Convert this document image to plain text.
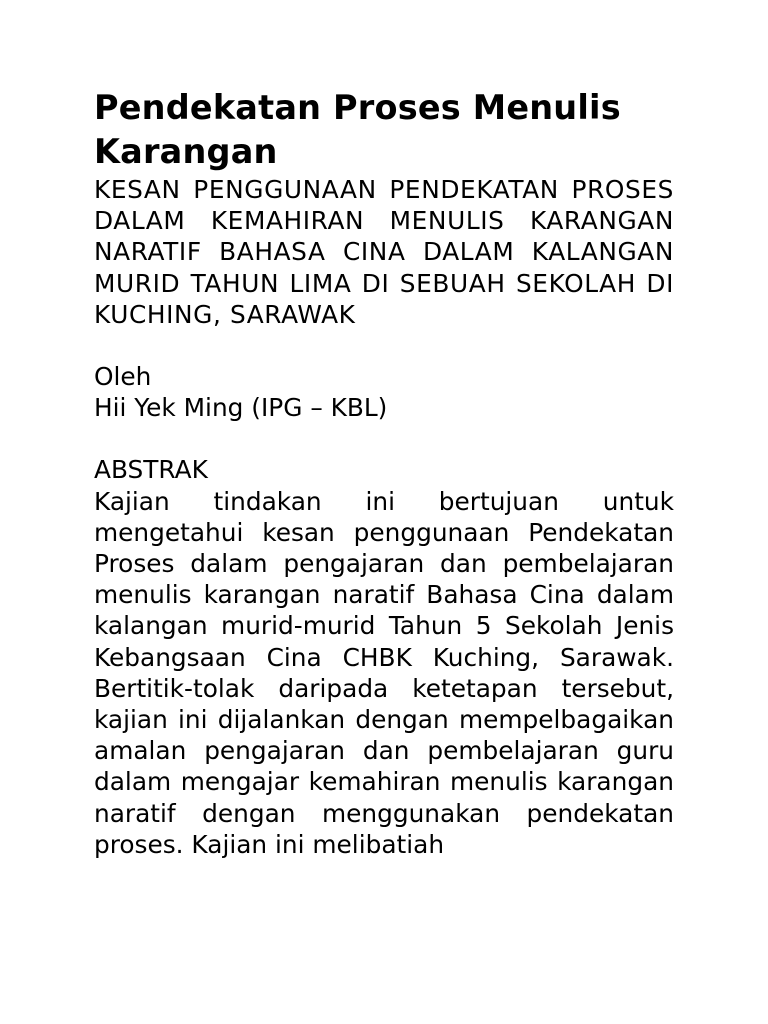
Pendekatan Proses Menulis Karangan

KESAN PENGGUNAAN PENDEKATAN PROSES DALAM KEMAHIRAN MENULIS KARANGAN NARATIF BAHASA CINA DALAM KALANGAN MURID TAHUN LIMA DI SEBUAH SEKOLAH DI KUCHING, SARAWAK

Oleh
Hii Yek Ming (IPG – KBL)

ABSTRAK

Kajian tindakan ini bertujuan untuk mengetahui kesan penggunaan Pendekatan Proses dalam pengajaran dan pembelajaran menulis karangan naratif Bahasa Cina dalam kalangan murid-murid Tahun 5 Sekolah Jenis Kebangsaan Cina CHBK Kuching, Sarawak. Bertitik-tolak daripada ketetapan tersebut, kajian ini dijalankan dengan mempelbagaikan amalan pengajaran dan pembelajaran guru dalam mengajar kemahiran menulis karangan naratif dengan menggunakan pendekatan proses. Kajian ini melibatiah
